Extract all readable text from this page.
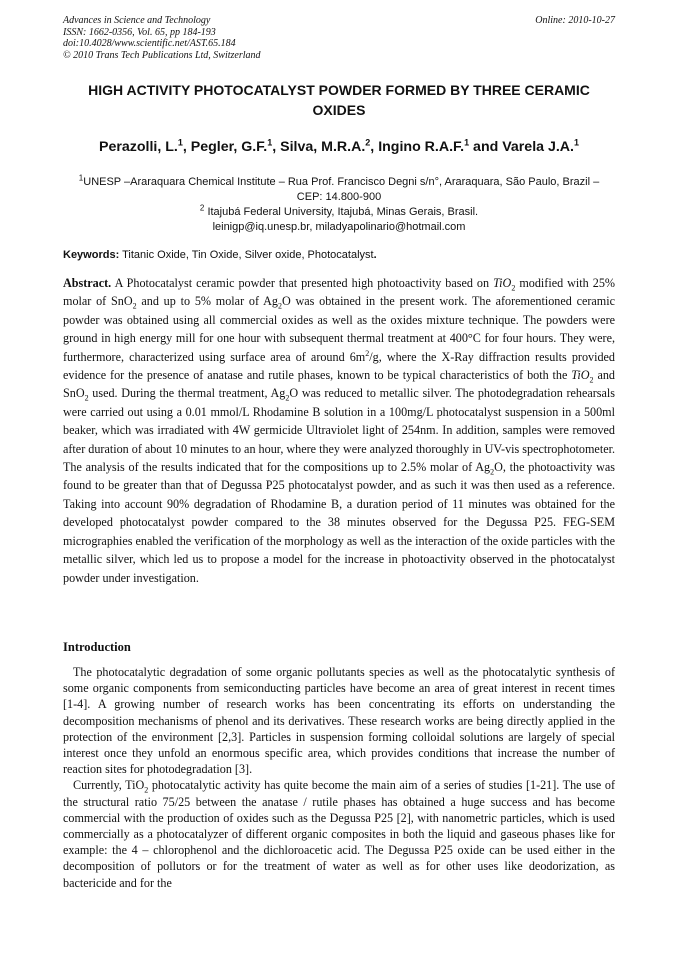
Advances in Science and Technology
ISSN: 1662-0356, Vol. 65, pp 184-193
doi:10.4028/www.scientific.net/AST.65.184
© 2010 Trans Tech Publications Ltd, Switzerland
Online: 2010-10-27
HIGH ACTIVITY PHOTOCATALYST POWDER FORMED BY THREE CERAMIC OXIDES
Perazolli, L.$^1$, Pegler, G.F.$^1$, Silva, M.R.A.$^2$, Ingino R.A.F.$^1$ and Varela J.A.$^1$
$^1$UNESP –Araraquara Chemical Institute – Rua Prof. Francisco Degni s/n°, Araraquara, São Paulo, Brazil – CEP: 14.800-900
$^2$ Itajubá Federal University, Itajubá, Minas Gerais, Brasil.
leinigp@iq.unesp.br, miladyapolinario@hotmail.com
Keywords: Titanic Oxide, Tin Oxide, Silver oxide, Photocatalyst.
Abstract. A Photocatalyst ceramic powder that presented high photoactivity based on TiO$_2$ modified with 25% molar of SnO$_2$ and up to 5% molar of $Ag_2O$ was obtained in the present work. The aforementioned ceramic powder was obtained using all commercial oxides as well as the oxides mixture technique. The powders were ground in high energy mill for one hour with subsequent thermal treatment at 400°C for four hours. They were, furthermore, characterized using surface area of around $6m^2/g$, where the X-Ray diffraction results provided evidence for the presence of anatase and rutile phases, known to be typical characteristics of both the TiO$_2$ and SnO$_2$ used. During the thermal treatment, $Ag_2O$ was reduced to metallic silver. The photodegradation rehearsals were carried out using a 0.01 mmol/L Rhodamine B solution in a 100mg/L photocatalyst suspension in a 500ml beaker, which was irradiated with 4W germicide Ultraviolet light of 254nm. In addition, samples were removed after duration of about 10 minutes to an hour, where they were analyzed thoroughly in UV-vis spectrophotometer. The analysis of the results indicated that for the compositions up to 2.5% molar of $Ag_2O$, the photoactivity was found to be greater than that of Degussa P25 photocatalyst powder, and as such it was then used as a reference. Taking into account 90% degradation of Rhodamine B, a duration period of 11 minutes was obtained for the developed photocatalyst powder compared to the 38 minutes observed for the Degussa P25. FEG-SEM micrographies enabled the verification of the morphology as well as the interaction of the oxide particles with the metallic silver, which led us to propose a model for the increase in photoactivity observed in the photocatalyst powder under investigation.
Introduction

The photocatalytic degradation of some organic pollutants species as well as the photocatalytic synthesis of some organic components from semiconducting particles have become an area of great interest in recent times [1-4]. A growing number of research works has been concentrating its efforts on understanding the decomposition mechanisms of phenol and its derivatives. These research works are being directly applied in the protection of the environment [2,3]. Particles in suspension forming colloidal solutions are largely of special interest once they unfold an enormous specific area, which provides conditions that increase the number of reaction sites for photodegradation [3].

Currently, TiO$_2$ photocatalytic activity has quite become the main aim of a series of studies [1-21]. The use of the structural ratio 75/25 between the anatase / rutile phases has obtained a huge success and has become commercial with the production of oxides such as the Degussa P25 [2], with nanometric particles, which is used commercially as a photocatalyzer of different organic composites in both the liquid and gaseous phases like for example: the 4 – chlorophenol and the dichloroacetic acid. The Degussa P25 oxide can be used either in the decomposition of pollutors or for the treatment of water as well as for other uses like deodorization, as bactericide and for the
